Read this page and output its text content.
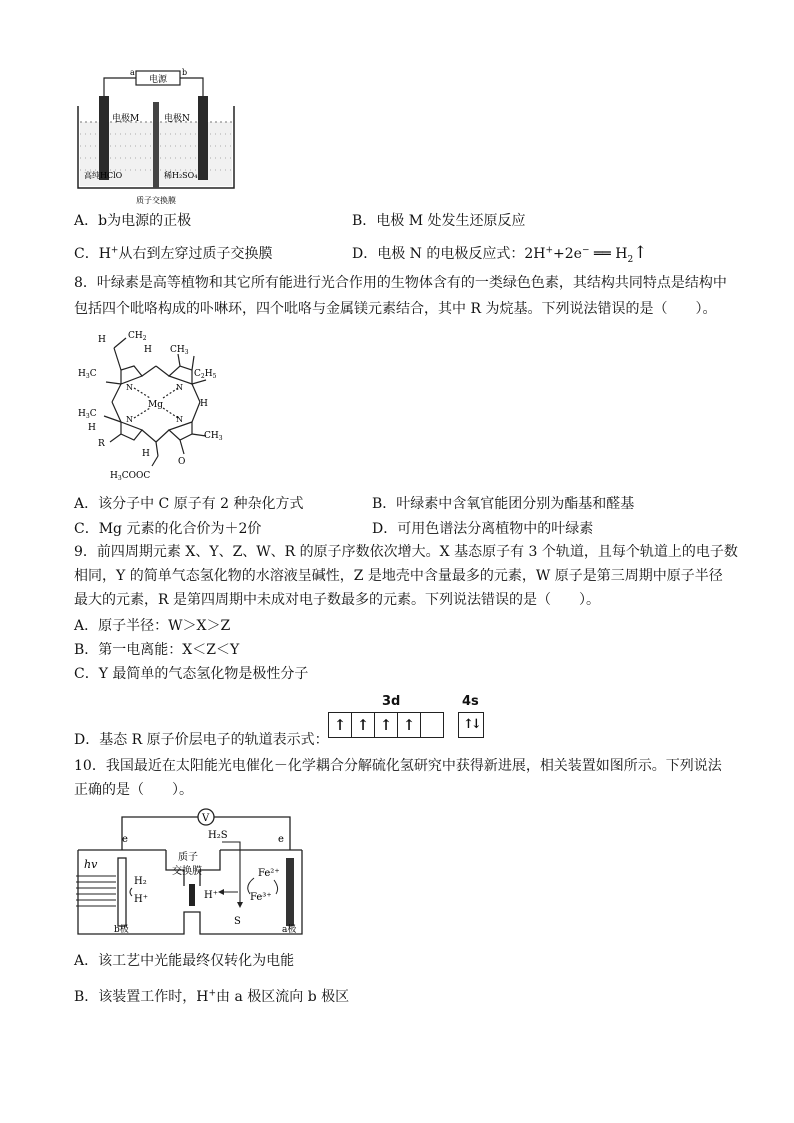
电源
a	b
电极M	电极N
高纯HClO	稀H₂SO₄
质子交换膜
A．b为电源的正极	B．电极 M 处发生还原反应
C．H+从右到左穿过质子交换膜	D．电极 N 的电极反应式：2H++2e− ══ $H_2↑$
8．叶绿素是高等植物和其它所有能进行光合作用的生物体含有的一类绿色色素，其结构共同特点是结构中
包括四个吡咯构成的卟啉环，四个吡咯与金属镁元素结合，其中 R 为烷基。下列说法错误的是（　　）。
H $CH_2$
H $CH_3$
$H_3C$	$C_2H_5$
N	N
N	N
Mg	H
$H_3C$
H
R
$CH_3$
O
H
$H_3COOC$
A．该分子中 C 原子有 2 种杂化方式	B．叶绿素中含氧官能团分别为酯基和醛基
C．Mg 元素的化合价为＋2价	D．可用色谱法分离植物中的叶绿素
9．前四周期元素 X、Y、Z、W、R 的原子序数依次增大。X 基态原子有 3 个轨道，且每个轨道上的电子数
相同，Y 的简单气态氢化物的水溶液呈碱性，Z 是地壳中含量最多的元素，W 原子是第三周期中原子半径
最大的元素，R 是第四周期中未成对电子数最多的元素。下列说法错误的是（　　）。
A．原子半径：W＞X＞Z
B．第一电离能：X＜Z＜Y
C．Y 最简单的气态氢化物是极性分子
D．基态 R 原子价层电子的轨道表示式：
3d	4s
↑ ↑ ↑ ↑	↑↓
10．我国最近在太阳能光电催化－化学耦合分解硫化氢研究中获得新进展，相关装置如图所示。下列说法
正确的是（　　）。
V
e	e
质子
交换膜
hv
H₂
H⁺
H₂S
H⁺
Fe²⁺
Fe³⁺
S
b极	a极
A．该工艺中光能最终仅转化为电能
B．该装置工作时，H+由 a 极区流向 b 极区
